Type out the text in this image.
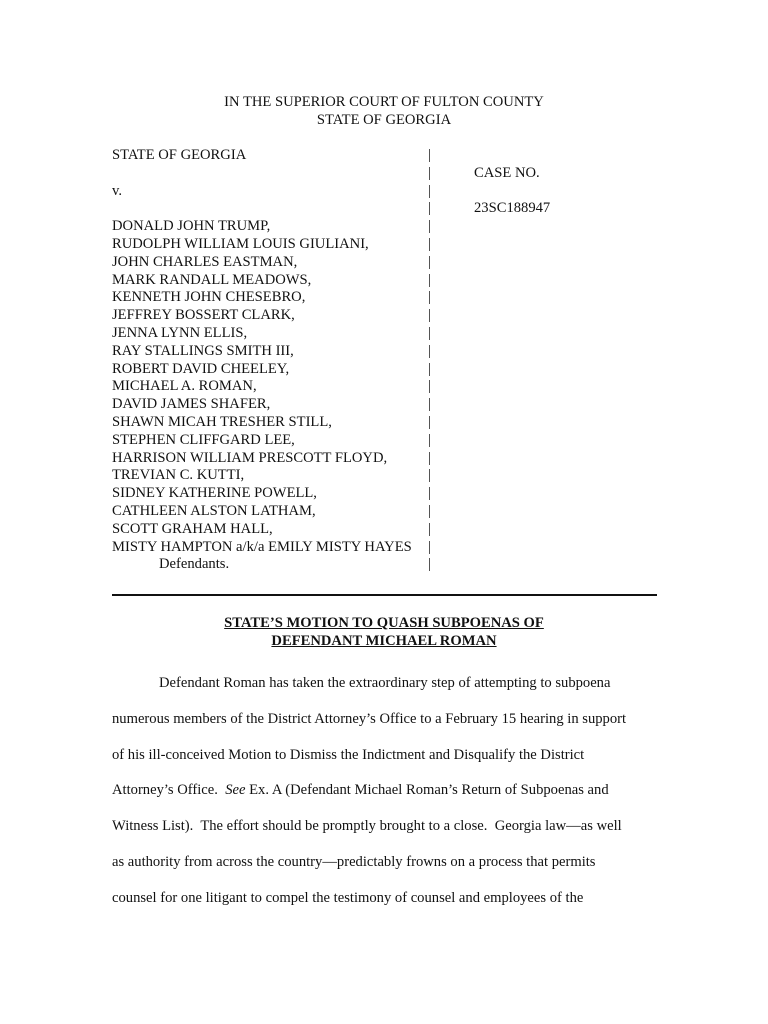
IN THE SUPERIOR COURT OF FULTON COUNTY
STATE OF GEORGIA
STATE OF GEORGIA
v.
DONALD JOHN TRUMP,
RUDOLPH WILLIAM LOUIS GIULIANI,
JOHN CHARLES EASTMAN,
MARK RANDALL MEADOWS,
KENNETH JOHN CHESEBRO,
JEFFREY BOSSERT CLARK,
JENNA LYNN ELLIS,
RAY STALLINGS SMITH III,
ROBERT DAVID CHEELEY,
MICHAEL A. ROMAN,
DAVID JAMES SHAFER,
SHAWN MICAH TRESHER STILL,
STEPHEN CLIFFGARD LEE,
HARRISON WILLIAM PRESCOTT FLOYD,
TREVIAN C. KUTTI,
SIDNEY KATHERINE POWELL,
CATHLEEN ALSTON LATHAM,
SCOTT GRAHAM HALL,
MISTY HAMPTON a/k/a EMILY MISTY HAYES
Defendants.
|
|
|
|
|
|
|
|
|
|
|
|
|
|
|
|
|
|
|
|
|
|
|
|
CASE NO.
23SC188947
STATE’S MOTION TO QUASH SUBPOENAS OF
DEFENDANT MICHAEL ROMAN
Defendant Roman has taken the extraordinary step of attempting to subpoena
numerous members of the District Attorney’s Office to a February 15 hearing in support
of his ill-conceived Motion to Dismiss the Indictment and Disqualify the District
Attorney’s Office.  See Ex. A (Defendant Michael Roman’s Return of Subpoenas and
Witness List).  The effort should be promptly brought to a close.  Georgia law—as well
as authority from across the country—predictably frowns on a process that permits
counsel for one litigant to compel the testimony of counsel and employees of the
